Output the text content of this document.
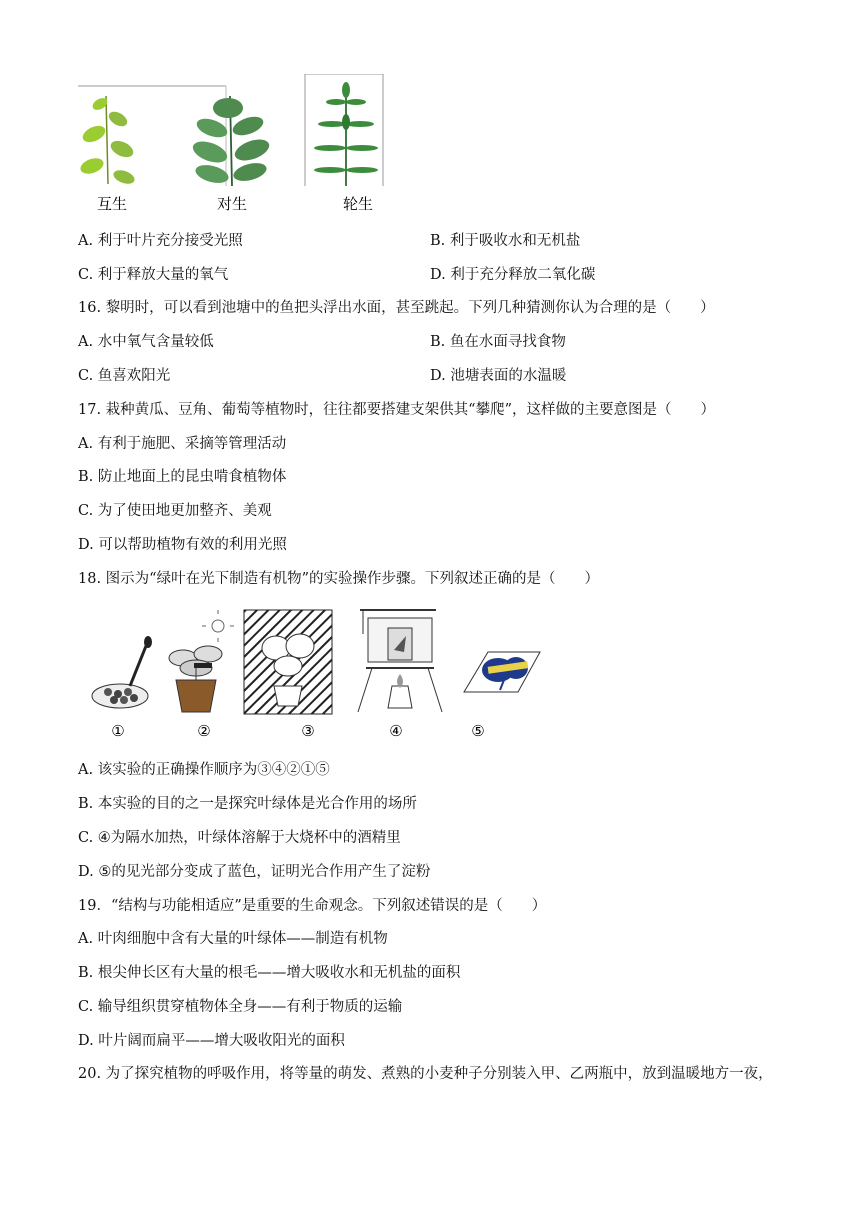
互生	对生	轮生
A. 利于叶片充分接受光照	B. 利于吸收水和无机盐
C. 利于释放大量的氧气	D. 利于充分释放二氧化碳
16. 黎明时，可以看到池塘中的鱼把头浮出水面，甚至跳起。下列几种猜测你认为合理的是（　　）
A. 水中氧气含量较低	B. 鱼在水面寻找食物
C. 鱼喜欢阳光	D. 池塘表面的水温暖
17. 栽种黄瓜、豆角、葡萄等植物时，往往都要搭建支架供其“攀爬”，这样做的主要意图是（　　）
A. 有利于施肥、采摘等管理活动
B. 防止地面上的昆虫啃食植物体
C. 为了使田地更加整齐、美观
D. 可以帮助植物有效的利用光照
18. 图示为“绿叶在光下制造有机物”的实验操作步骤。下列叙述正确的是（　　）
①	②	③	④	⑤
A. 该实验的正确操作顺序为③④②①⑤
B. 本实验的目的之一是探究叶绿体是光合作用的场所
C. ④为隔水加热，叶绿体溶解于大烧杯中的酒精里
D. ⑤的见光部分变成了蓝色，证明光合作用产生了淀粉
19．“结构与功能相适应”是重要的生命观念。下列叙述错误的是（　　）
A. 叶肉细胞中含有大量的叶绿体——制造有机物
B. 根尖伸长区有大量的根毛——增大吸收水和无机盐的面积
C. 输导组织贯穿植物体全身——有利于物质的运输
D. 叶片阔而扁平——增大吸收阳光的面积
20. 为了探究植物的呼吸作用，将等量的萌发、煮熟的小麦种子分别装入甲、乙两瓶中，放到温暖地方一夜，
